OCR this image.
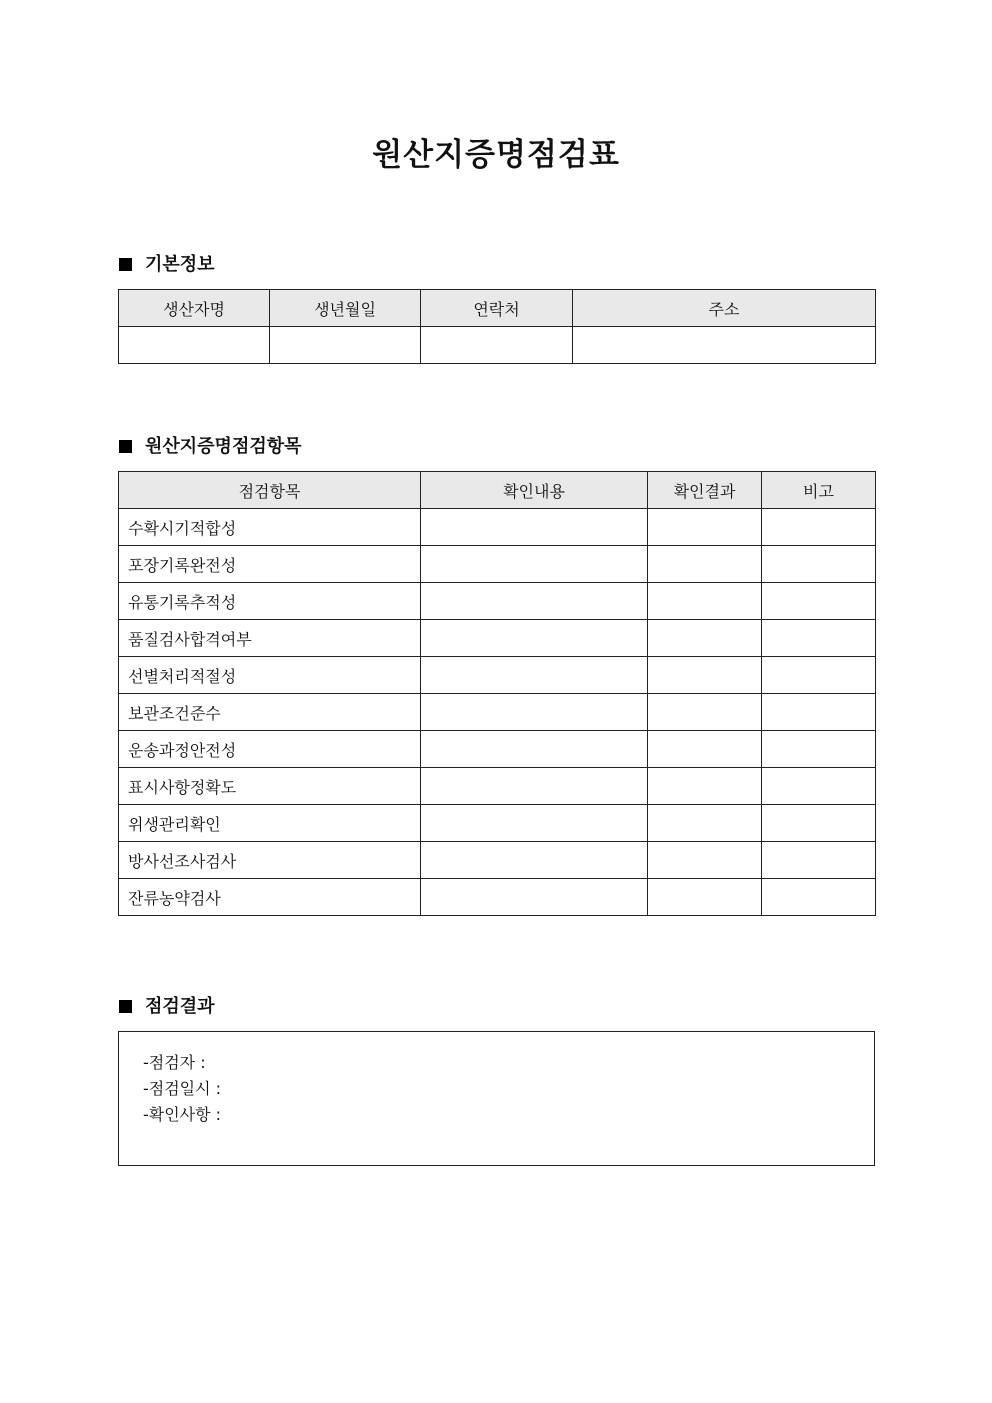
원산지증명점검표
기본정보
생산자명	생년월일	연락처	주소

원산지증명점검항목
점검항목	확인내용	확인결과	비고
수확시기적합성			
포장기록완전성			
유통기록추적성			
품질검사합격여부			
선별처리적절성			
보관조건준수			
운송과정안전성			
표시사항정확도			
위생관리확인			
방사선조사검사			
잔류농약검사			
점검결과
-점검자 :
-점검일시 :
-확인사항 :
